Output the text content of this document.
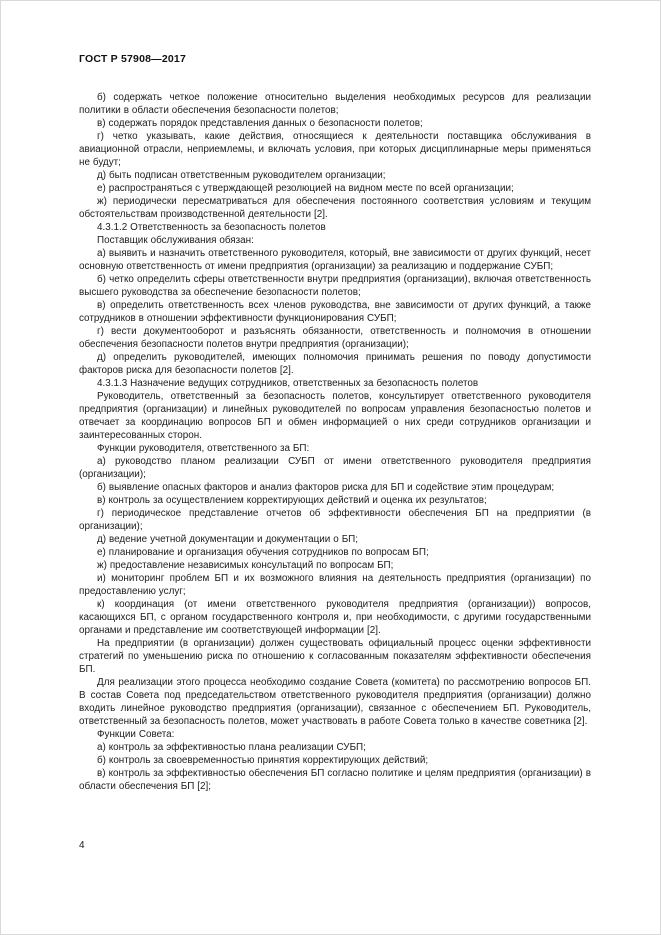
ГОСТ Р 57908—2017

б) содержать четкое положение относительно выделения необходимых ресурсов для реализации политики в области обеспечения безопасности полетов;

в) содержать порядок представления данных о безопасности полетов;

г) четко указывать, какие действия, относящиеся к деятельности поставщика обслуживания в авиационной отрасли, неприемлемы, и включать условия, при которых дисциплинарные меры применяться не будут;

д) быть подписан ответственным руководителем организации;

е) распространяться с утверждающей резолюцией на видном месте по всей организации;

ж) периодически пересматриваться для обеспечения постоянного соответствия условиям и текущим обстоятельствам производственной деятельности [2].

4.3.1.2 Ответственность за безопасность полетов

Поставщик обслуживания обязан:

а) выявить и назначить ответственного руководителя, который, вне зависимости от других функций, несет основную ответственность от имени предприятия (организации) за реализацию и поддержание СУБП;

б) четко определить сферы ответственности внутри предприятия (организации), включая ответственность высшего руководства за обеспечение безопасности полетов;

в) определить ответственность всех членов руководства, вне зависимости от других функций, а также сотрудников в отношении эффективности функционирования СУБП;

г) вести документооборот и разъяснять обязанности, ответственность и полномочия в отношении обеспечения безопасности полетов внутри предприятия (организации);

д) определить руководителей, имеющих полномочия принимать решения по поводу допустимости факторов риска для безопасности полетов [2].

4.3.1.3 Назначение ведущих сотрудников, ответственных за безопасность полетов

Руководитель, ответственный за безопасность полетов, консультирует ответственного руководителя предприятия (организации) и линейных руководителей по вопросам управления безопасностью полетов и отвечает за координацию вопросов БП и обмен информацией о них среди сотрудников организации и заинтересованных сторон.

Функции руководителя, ответственного за БП:

а) руководство планом реализации СУБП от имени ответственного руководителя предприятия (организации);

б) выявление опасных факторов и анализ факторов риска для БП и содействие этим процедурам;

в) контроль за осуществлением корректирующих действий и оценка их результатов;

г) периодическое представление отчетов об эффективности обеспечения БП на предприятии (в организации);

д) ведение учетной документации и документации о БП;

е) планирование и организация обучения сотрудников по вопросам БП;

ж) предоставление независимых консультаций по вопросам БП;

и) мониторинг проблем БП и их возможного влияния на деятельность предприятия (организации) по предоставлению услуг;

к) координация (от имени ответственного руководителя предприятия (организации)) вопросов, касающихся БП, с органом государственного контроля и, при необходимости, с другими государственными органами и представление им соответствующей информации [2].

На предприятии (в организации) должен существовать официальный процесс оценки эффективности стратегий по уменьшению риска по отношению к согласованным показателям эффективности обеспечения БП.

Для реализации этого процесса необходимо создание Совета (комитета) по рассмотрению вопросов БП. В состав Совета под председательством ответственного руководителя предприятия (организации) должно входить линейное руководство предприятия (организации), связанное с обеспечением БП. Руководитель, ответственный за безопасность полетов, может участвовать в работе Совета только в качестве советника [2].

Функции Совета:

а) контроль за эффективностью плана реализации СУБП;

б) контроль за своевременностью принятия корректирующих действий;

в) контроль за эффективностью обеспечения БП согласно политике и целям предприятия (организации) в области обеспечения БП [2];

4
